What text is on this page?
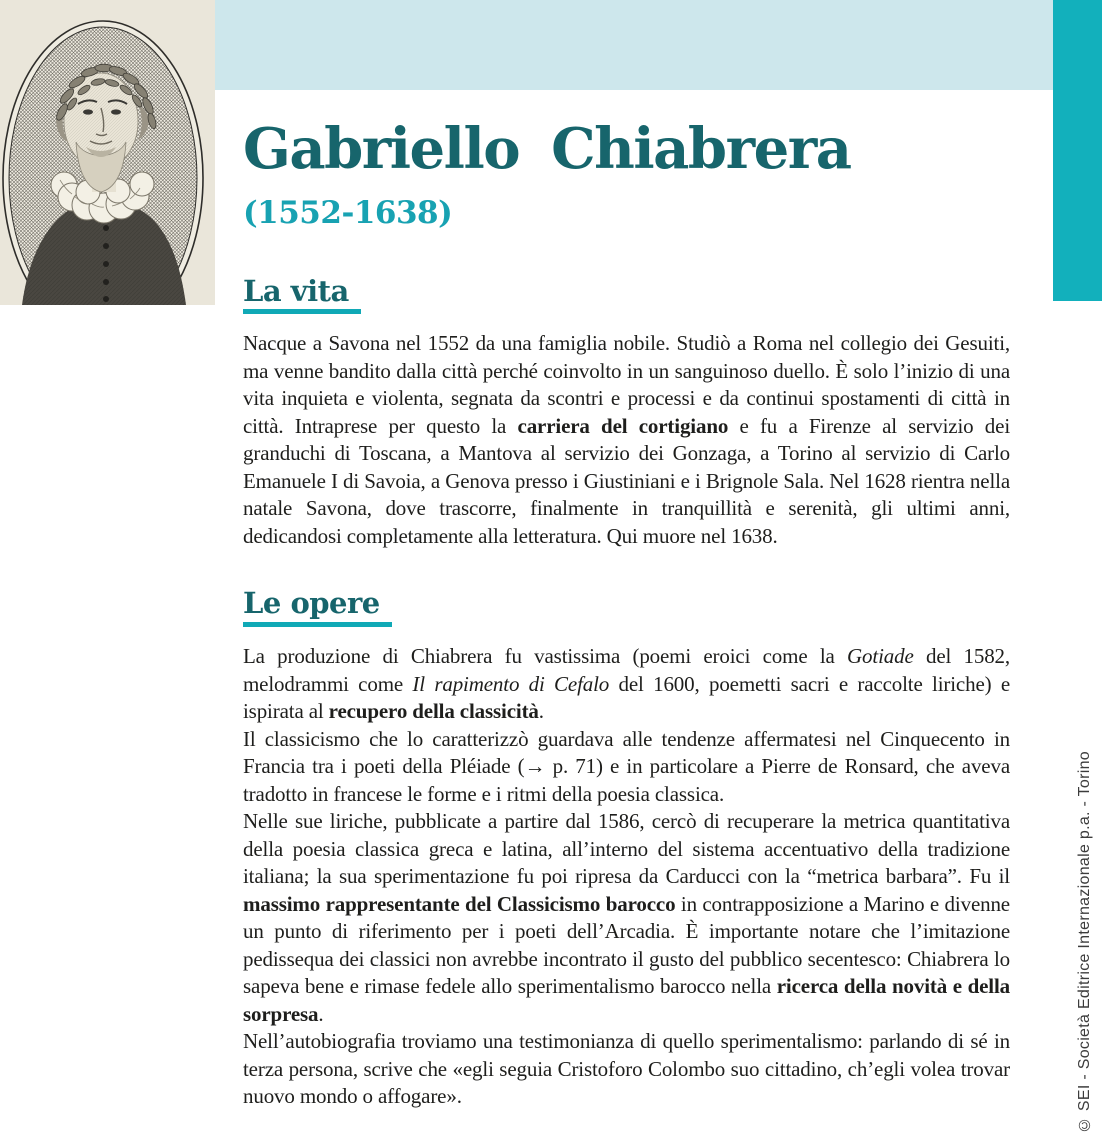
Gabriello Chiabrera
(1552-1638)
La vita

Nacque a Savona nel 1552 da una famiglia nobile. Studiò a Roma nel collegio dei Gesuiti, ma venne bandito dalla città perché coinvolto in un sanguinoso duello. È solo l’inizio di una vita inquieta e violenta, segnata da scontri e processi e da continui spostamenti di città in città. Intraprese per questo la carriera del cortigiano e fu a Firenze al servizio dei granduchi di Toscana, a Mantova al servizio dei Gonzaga, a Torino al servizio di Carlo Emanuele I di Savoia, a Genova presso i Giustiniani e i Brignole Sala. Nel 1628 rientra nella natale Savona, dove trascorre, finalmente in tranquillità e serenità, gli ultimi anni, dedicandosi completamente alla letteratura. Qui muore nel 1638.

Le opere

La produzione di Chiabrera fu vastissima (poemi eroici come la Gotiade del 1582, melodrammi come Il rapimento di Cefalo del 1600, poemetti sacri e raccolte liriche) e ispirata al recupero della classicità.

Il classicismo che lo caratterizzò guardava alle tendenze affermatesi nel Cinquecento in Francia tra i poeti della Pléiade (→ p. 71) e in particolare a Pierre de Ronsard, che aveva tradotto in francese le forme e i ritmi della poesia classica.

Nelle sue liriche, pubblicate a partire dal 1586, cercò di recuperare la metrica quantitativa della poesia classica greca e latina, all’interno del sistema accentuativo della tradizione italiana; la sua sperimentazione fu poi ripresa da Carducci con la “metrica barbara”. Fu il massimo rappresentante del Classicismo barocco in contrapposizione a Marino e divenne un punto di riferimento per i poeti dell’Arcadia. È importante notare che l’imitazione pedissequa dei classici non avrebbe incontrato il gusto del pubblico secentesco: Chiabrera lo sapeva bene e rimase fedele allo sperimentalismo barocco nella ricerca della novità e della sorpresa.

Nell’autobiografia troviamo una testimonianza di quello sperimentalismo: parlando di sé in terza persona, scrive che «egli seguia Cristoforo Colombo suo cittadino, ch’egli volea trovar nuovo mondo o affogare».	© SEI - Società Editrice Internazionale p.a. - Torino
